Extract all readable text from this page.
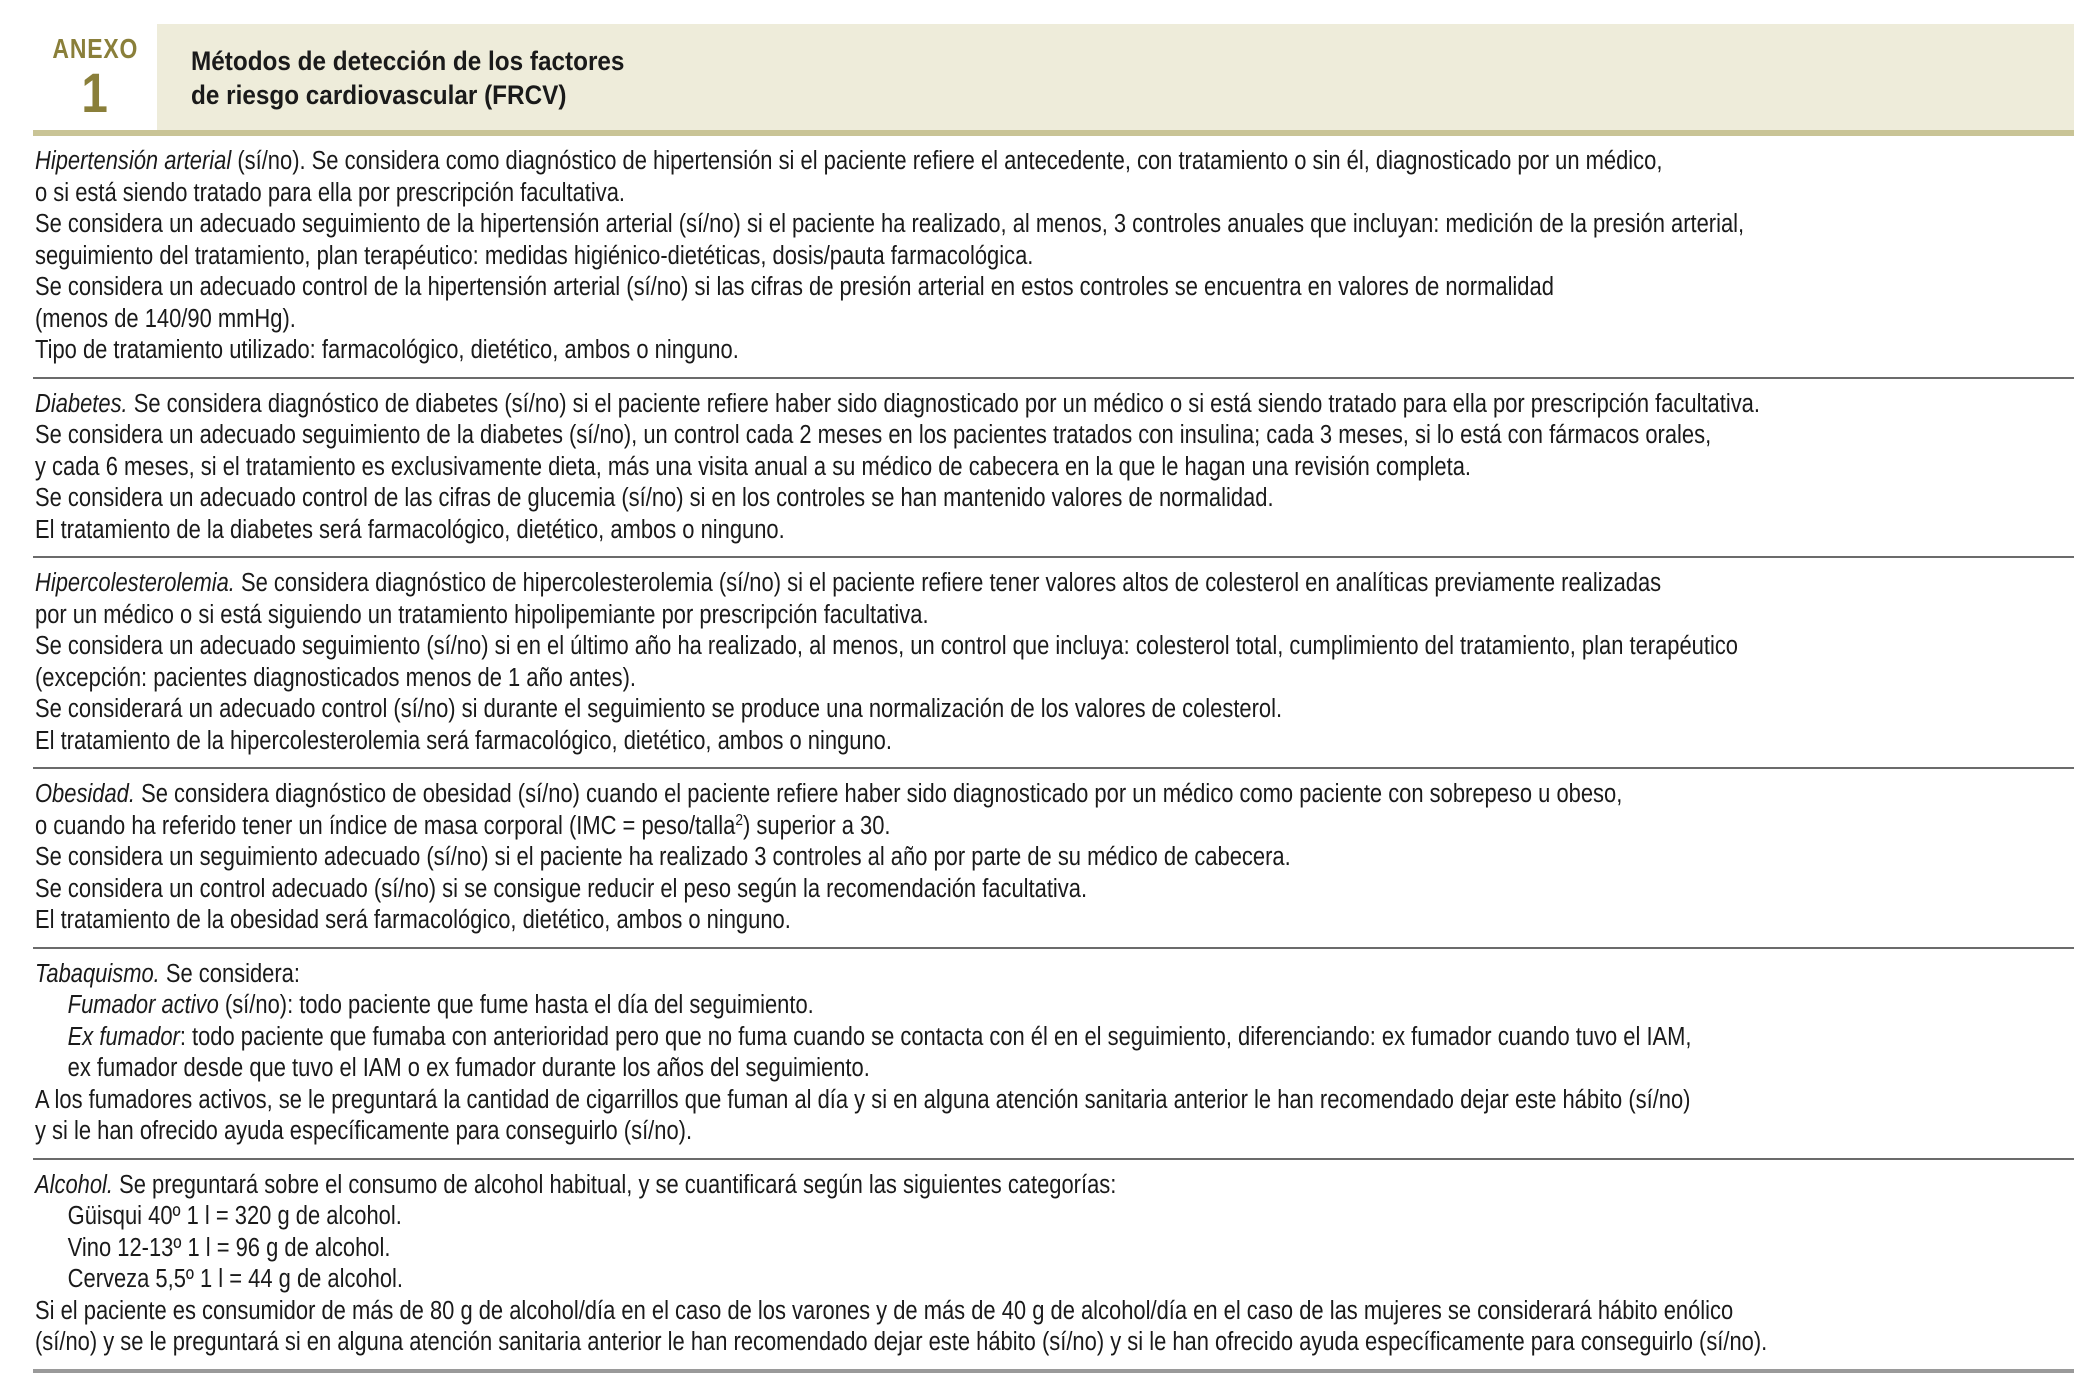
ANEXO
1	Métodos de detección de los factores
de riesgo cardiovascular (FRCV)
Hipertensión arterial (sí/no). Se considera como diagnóstico de hipertensión si el paciente refiere el antecedente, con tratamiento o sin él, diagnosticado por un médico,
o si está siendo tratado para ella por prescripción facultativa.
Se considera un adecuado seguimiento de la hipertensión arterial (sí/no) si el paciente ha realizado, al menos, 3 controles anuales que incluyan: medición de la presión arterial,
seguimiento del tratamiento, plan terapéutico: medidas higiénico-dietéticas, dosis/pauta farmacológica.
Se considera un adecuado control de la hipertensión arterial (sí/no) si las cifras de presión arterial en estos controles se encuentra en valores de normalidad
(menos de 140/90 mmHg).
Tipo de tratamiento utilizado: farmacológico, dietético, ambos o ninguno.
Diabetes. Se considera diagnóstico de diabetes (sí/no) si el paciente refiere haber sido diagnosticado por un médico o si está siendo tratado para ella por prescripción facultativa.
Se considera un adecuado seguimiento de la diabetes (sí/no), un control cada 2 meses en los pacientes tratados con insulina; cada 3 meses, si lo está con fármacos orales,
y cada 6 meses, si el tratamiento es exclusivamente dieta, más una visita anual a su médico de cabecera en la que le hagan una revisión completa.
Se considera un adecuado control de las cifras de glucemia (sí/no) si en los controles se han mantenido valores de normalidad.
El tratamiento de la diabetes será farmacológico, dietético, ambos o ninguno.
Hipercolesterolemia. Se considera diagnóstico de hipercolesterolemia (sí/no) si el paciente refiere tener valores altos de colesterol en analíticas previamente realizadas
por un médico o si está siguiendo un tratamiento hipolipemiante por prescripción facultativa.
Se considera un adecuado seguimiento (sí/no) si en el último año ha realizado, al menos, un control que incluya: colesterol total, cumplimiento del tratamiento, plan terapéutico
(excepción: pacientes diagnosticados menos de 1 año antes).
Se considerará un adecuado control (sí/no) si durante el seguimiento se produce una normalización de los valores de colesterol.
El tratamiento de la hipercolesterolemia será farmacológico, dietético, ambos o ninguno.
Obesidad. Se considera diagnóstico de obesidad (sí/no) cuando el paciente refiere haber sido diagnosticado por un médico como paciente con sobrepeso u obeso,
o cuando ha referido tener un índice de masa corporal (IMC = peso/talla$^2$) superior a 30.
Se considera un seguimiento adecuado (sí/no) si el paciente ha realizado 3 controles al año por parte de su médico de cabecera.
Se considera un control adecuado (sí/no) si se consigue reducir el peso según la recomendación facultativa.
El tratamiento de la obesidad será farmacológico, dietético, ambos o ninguno.
Tabaquismo. Se considera:
Fumador activo (sí/no): todo paciente que fume hasta el día del seguimiento.
Ex fumador: todo paciente que fumaba con anterioridad pero que no fuma cuando se contacta con él en el seguimiento, diferenciando: ex fumador cuando tuvo el IAM,
ex fumador desde que tuvo el IAM o ex fumador durante los años del seguimiento.
A los fumadores activos, se le preguntará la cantidad de cigarrillos que fuman al día y si en alguna atención sanitaria anterior le han recomendado dejar este hábito (sí/no)
y si le han ofrecido ayuda específicamente para conseguirlo (sí/no).
Alcohol. Se preguntará sobre el consumo de alcohol habitual, y se cuantificará según las siguientes categorías:
Güisqui 40º 1 l = 320 g de alcohol.
Vino 12-13º 1 l = 96 g de alcohol.
Cerveza 5,5º 1 l = 44 g de alcohol.
Si el paciente es consumidor de más de 80 g de alcohol/día en el caso de los varones y de más de 40 g de alcohol/día en el caso de las mujeres se considerará hábito enólico
(sí/no) y se le preguntará si en alguna atención sanitaria anterior le han recomendado dejar este hábito (sí/no) y si le han ofrecido ayuda específicamente para conseguirlo (sí/no).
